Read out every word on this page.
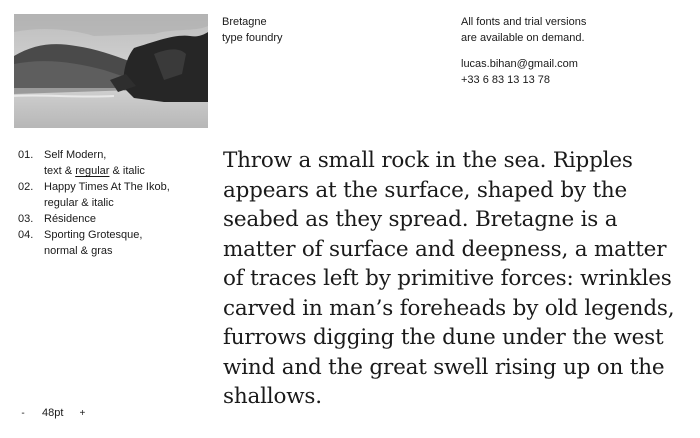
Bretagne
type foundry
All fonts and trial versions
are available on demand.
lucas.bihan@gmail.com
+33 6 83 13 13 78
01. Self Modern,
text & regular & italic
02. Happy Times At The Ikob,
regular & italic
03. Résidence
04. Sporting Grotesque,
normal & gras
Throw a small rock in the sea. Ripples appears at the surface, shaped by the seabed as they spread. Bretagne is a matter of surface and deepness, a matter of traces left by primitive forces: wrinkles carved in man’s foreheads by old legends, furrows digging the dune under the west wind and the great swell rising up on the shallows.
-	48pt +
